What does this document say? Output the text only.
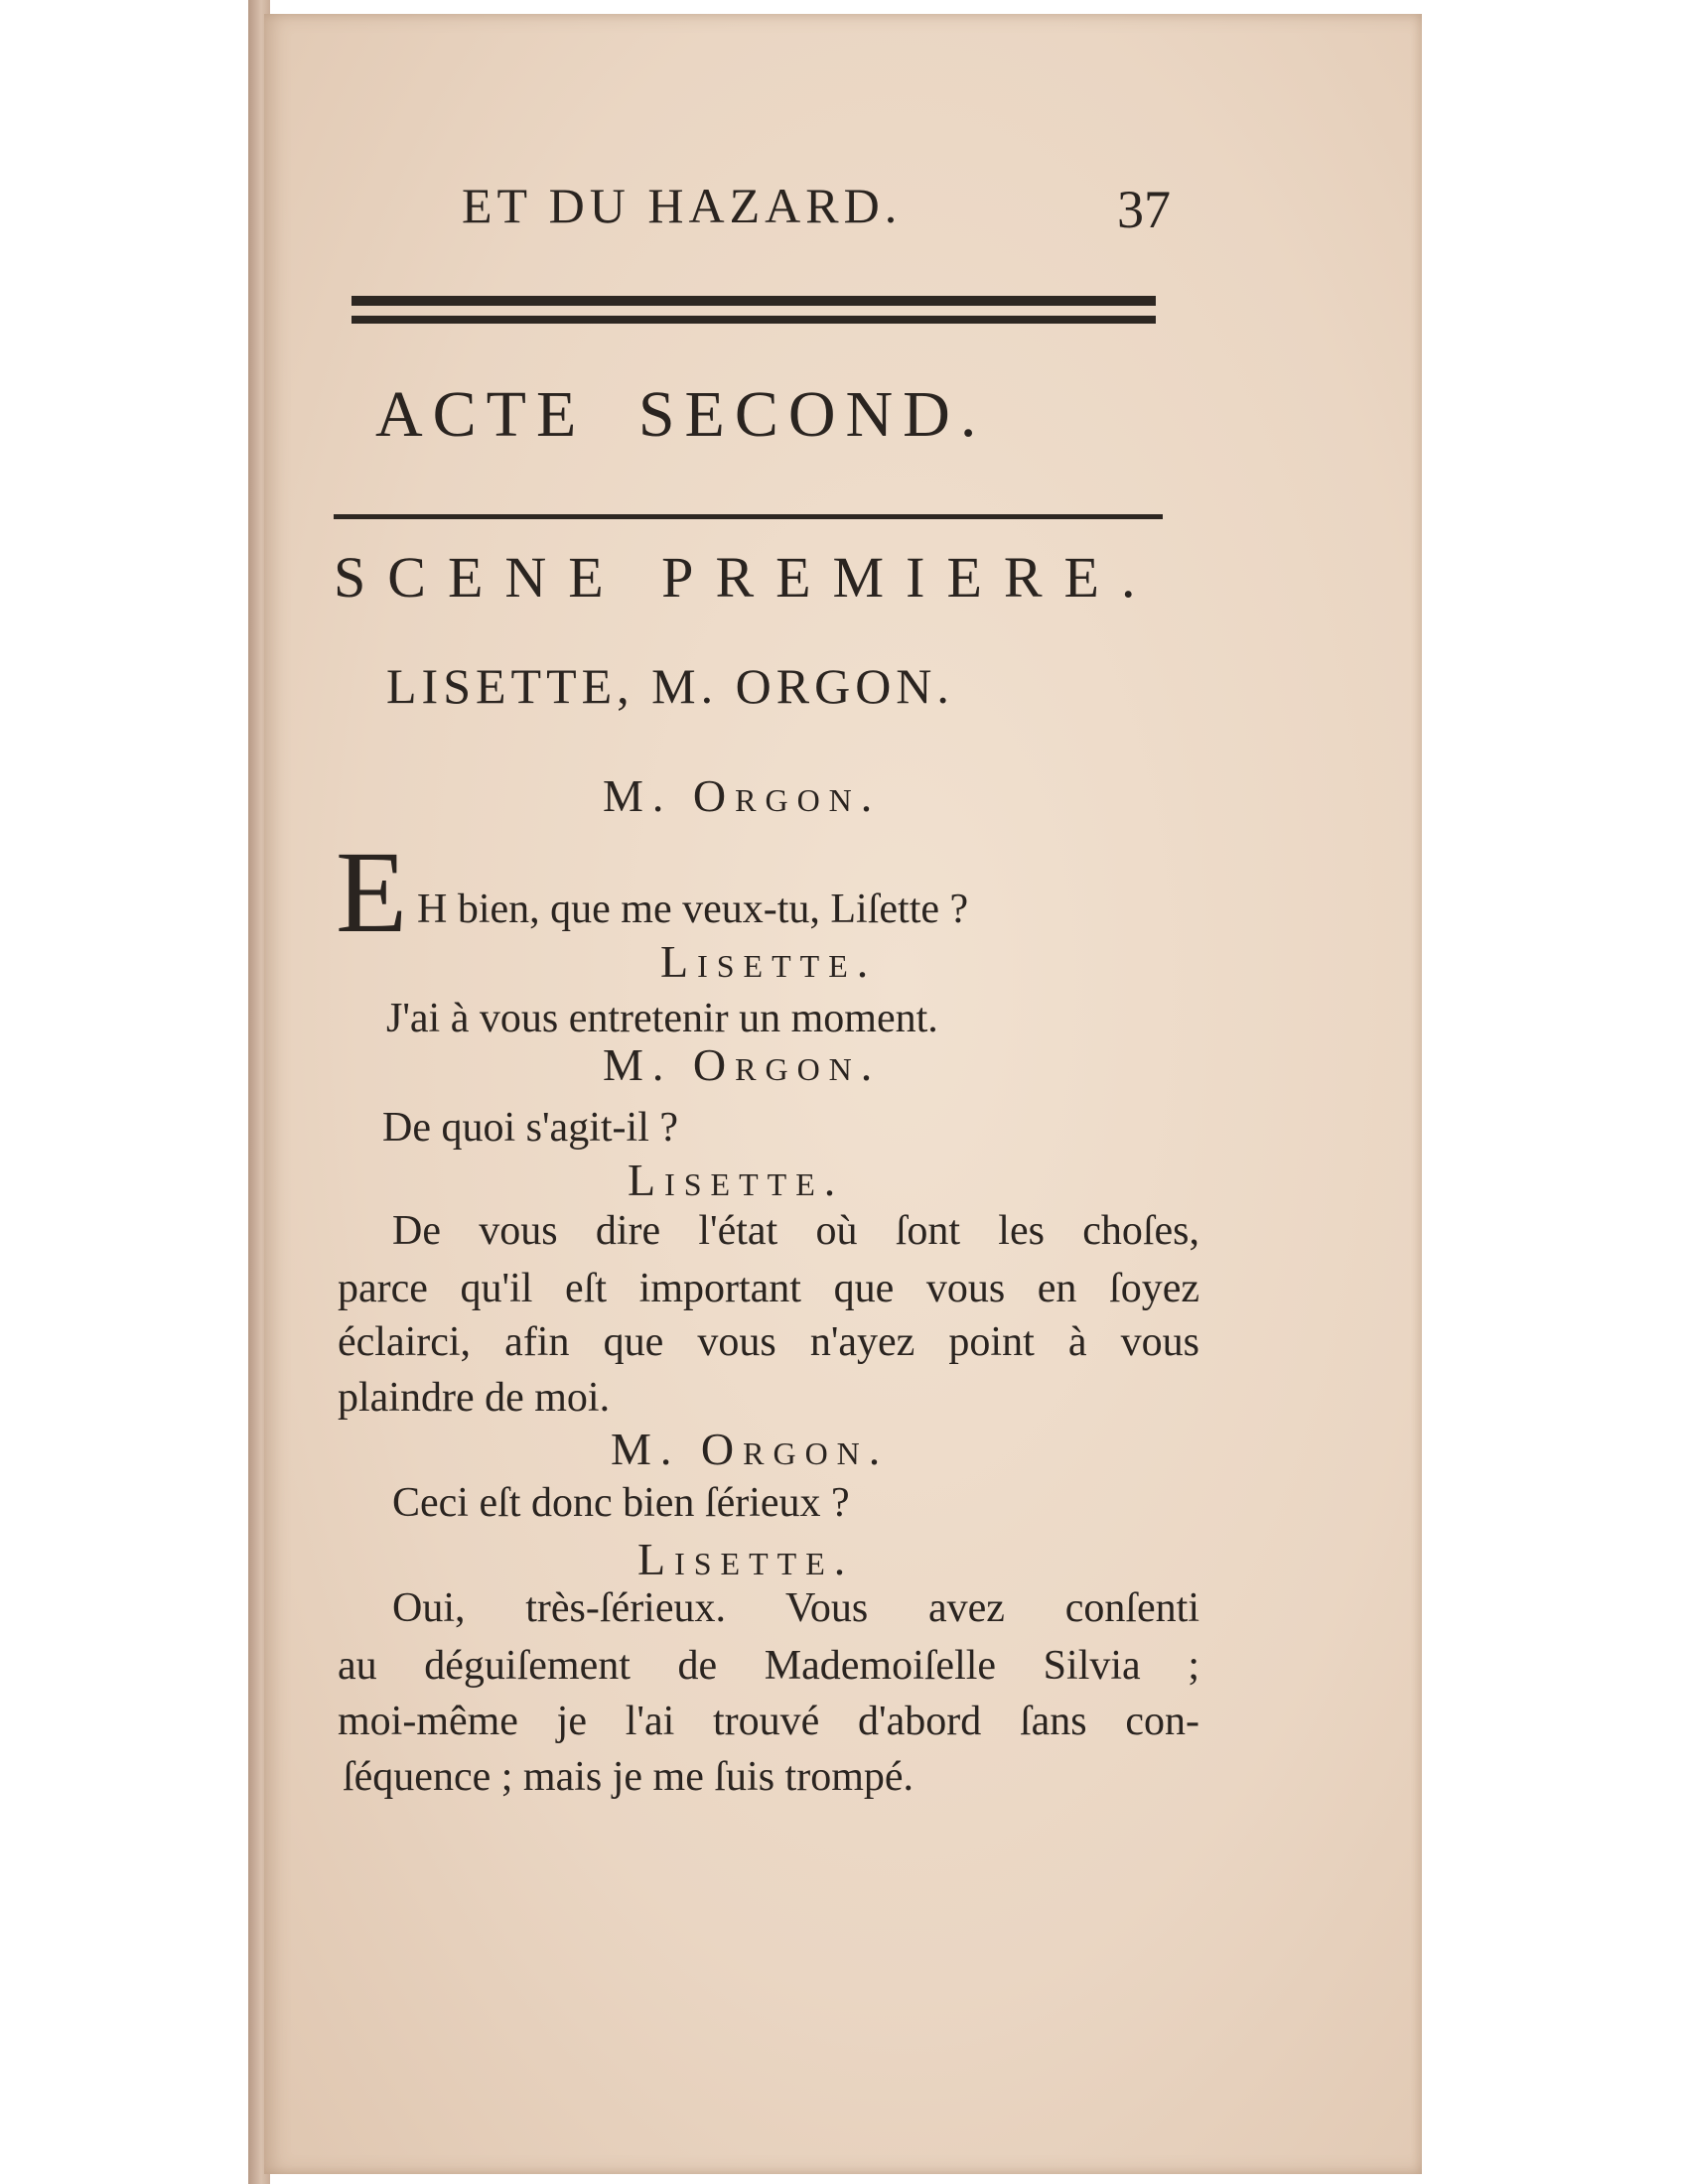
ET DU HAZARD.	37
ACTE SECOND.
SCENE PREMIERE.
LISETTE, M. ORGON.
M. Orgon.
E H bien, que me veux-tu, Liſette ?
Lisette.
J'ai à vous entretenir un moment.
M. Orgon.
De quoi s'agit-il ?
Lisette.
De vous dire l'état où ſont les choſes,
parce qu'il eſt important que vous en ſoyez
éclairci, afin que vous n'ayez point à vous
plaindre de moi.
M. Orgon.
Ceci eſt donc bien ſérieux ?
Lisette.
Oui, très-ſérieux. Vous avez conſenti
au déguiſement de Mademoiſelle Silvia ;
moi-même je l'ai trouvé d'abord ſans con-
ſéquence ; mais je me ſuis trompé.
